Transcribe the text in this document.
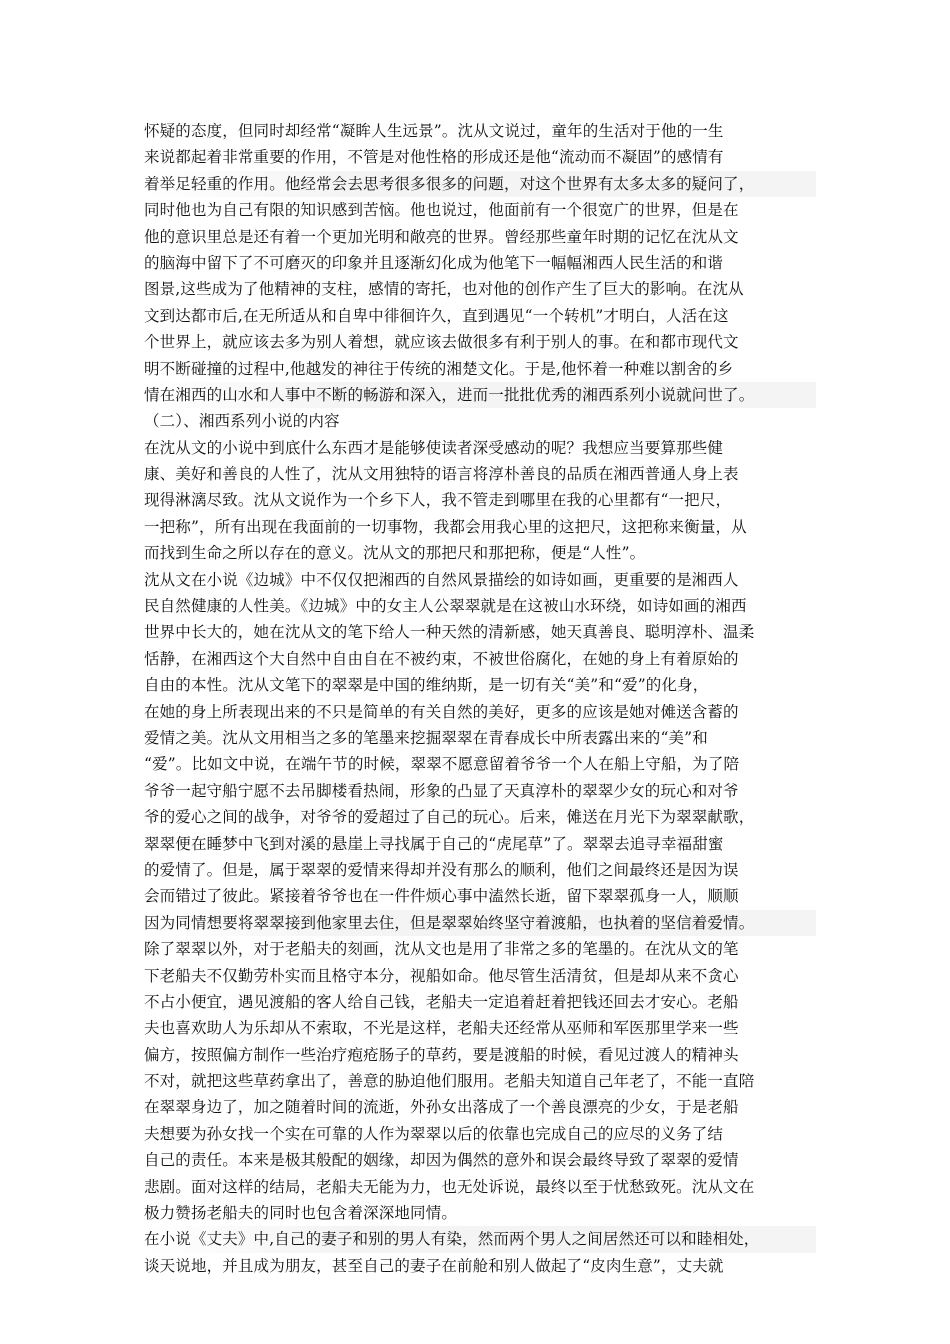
怀疑的态度，但同时却经常“凝眸人生远景”。沈从文说过，童年的生活对于他的一生
来说都起着非常重要的作用，不管是对他性格的形成还是他“流动而不凝固”的感情有
着举足轻重的作用。他经常会去思考很多很多的问题，对这个世界有太多太多的疑问了，
同时他也为自己有限的知识感到苦恼。他也说过，他面前有一个很宽广的世界，但是在
他的意识里总是还有着一个更加光明和敞亮的世界。曾经那些童年时期的记忆在沈从文
的脑海中留下了不可磨灭的印象并且逐渐幻化成为他笔下一幅幅湘西人民生活的和谐
图景,这些成为了他精神的支柱，感情的寄托，也对他的创作产生了巨大的影响。在沈从
文到达都市后,在无所适从和自卑中徘徊许久，直到遇见“一个转机”才明白，人活在这
个世界上，就应该去多为别人着想，就应该去做很多有利于别人的事。在和都市现代文
明不断碰撞的过程中,他越发的神往于传统的湘楚文化。于是,他怀着一种难以割舍的乡
情在湘西的山水和人事中不断的畅游和深入，进而一批批优秀的湘西系列小说就问世了。
（二）、湘西系列小说的内容
在沈从文的小说中到底什么东西才是能够使读者深受感动的呢？我想应当要算那些健
康、美好和善良的人性了，沈从文用独特的语言将淳朴善良的品质在湘西普通人身上表
现得淋漓尽致。沈从文说作为一个乡下人，我不管走到哪里在我的心里都有“一把尺，
一把称”，所有出现在我面前的一切事物，我都会用我心里的这把尺，这把称来衡量，从
而找到生命之所以存在的意义。沈从文的那把尺和那把称，便是“人性”。
沈从文在小说《边城》中不仅仅把湘西的自然风景描绘的如诗如画，更重要的是湘西人
民自然健康的人性美。《边城》中的女主人公翠翠就是在这被山水环绕，如诗如画的湘西
世界中长大的，她在沈从文的笔下给人一种天然的清新感，她天真善良、聪明淳朴、温柔
恬静，在湘西这个大自然中自由自在不被约束，不被世俗腐化，在她的身上有着原始的
自由的本性。沈从文笔下的翠翠是中国的维纳斯，是一切有关“美”和“爱”的化身，
在她的身上所表现出来的不只是简单的有关自然的美好，更多的应该是她对傩送含蓄的
爱情之美。沈从文用相当之多的笔墨来挖掘翠翠在青春成长中所表露出来的“美”和
“爱”。比如文中说，在端午节的时候，翠翠不愿意留着爷爷一个人在船上守船，为了陪
爷爷一起守船宁愿不去吊脚楼看热闹，形象的凸显了天真淳朴的翠翠少女的玩心和对爷
爷的爱心之间的战争，对爷爷的爱超过了自己的玩心。后来，傩送在月光下为翠翠献歌，
翠翠便在睡梦中飞到对溪的悬崖上寻找属于自己的“虎尾草”了。翠翠去追寻幸福甜蜜
的爱情了。但是，属于翠翠的爱情来得却并没有那么的顺利，他们之间最终还是因为误
会而错过了彼此。紧接着爷爷也在一件件烦心事中溘然长逝，留下翠翠孤身一人，顺顺
因为同情想要将翠翠接到他家里去住，但是翠翠始终坚守着渡船，也执着的坚信着爱情。
除了翠翠以外，对于老船夫的刻画，沈从文也是用了非常之多的笔墨的。在沈从文的笔
下老船夫不仅勤劳朴实而且格守本分，视船如命。他尽管生活清贫，但是却从来不贪心
不占小便宜，遇见渡船的客人给自己钱，老船夫一定追着赶着把钱还回去才安心。老船
夫也喜欢助人为乐却从不索取，不光是这样，老船夫还经常从巫师和军医那里学来一些
偏方，按照偏方制作一些治疗疱疮肠子的草药，要是渡船的时候，看见过渡人的精神头
不对，就把这些草药拿出了，善意的胁迫他们服用。老船夫知道自己年老了，不能一直陪
在翠翠身边了，加之随着时间的流逝，外孙女出落成了一个善良漂亮的少女，于是老船
夫想要为孙女找一个实在可靠的人作为翠翠以后的依靠也完成自己的应尽的义务了结
自己的责任。本来是极其般配的姻缘，却因为偶然的意外和误会最终导致了翠翠的爱情
悲剧。面对这样的结局，老船夫无能为力，也无处诉说，最终以至于忧愁致死。沈从文在
极力赞扬老船夫的同时也包含着深深地同情。
在小说《丈夫》中,自己的妻子和别的男人有染，然而两个男人之间居然还可以和睦相处，
谈天说地，并且成为朋友，甚至自己的妻子在前舱和别人做起了“皮肉生意”，丈夫就
